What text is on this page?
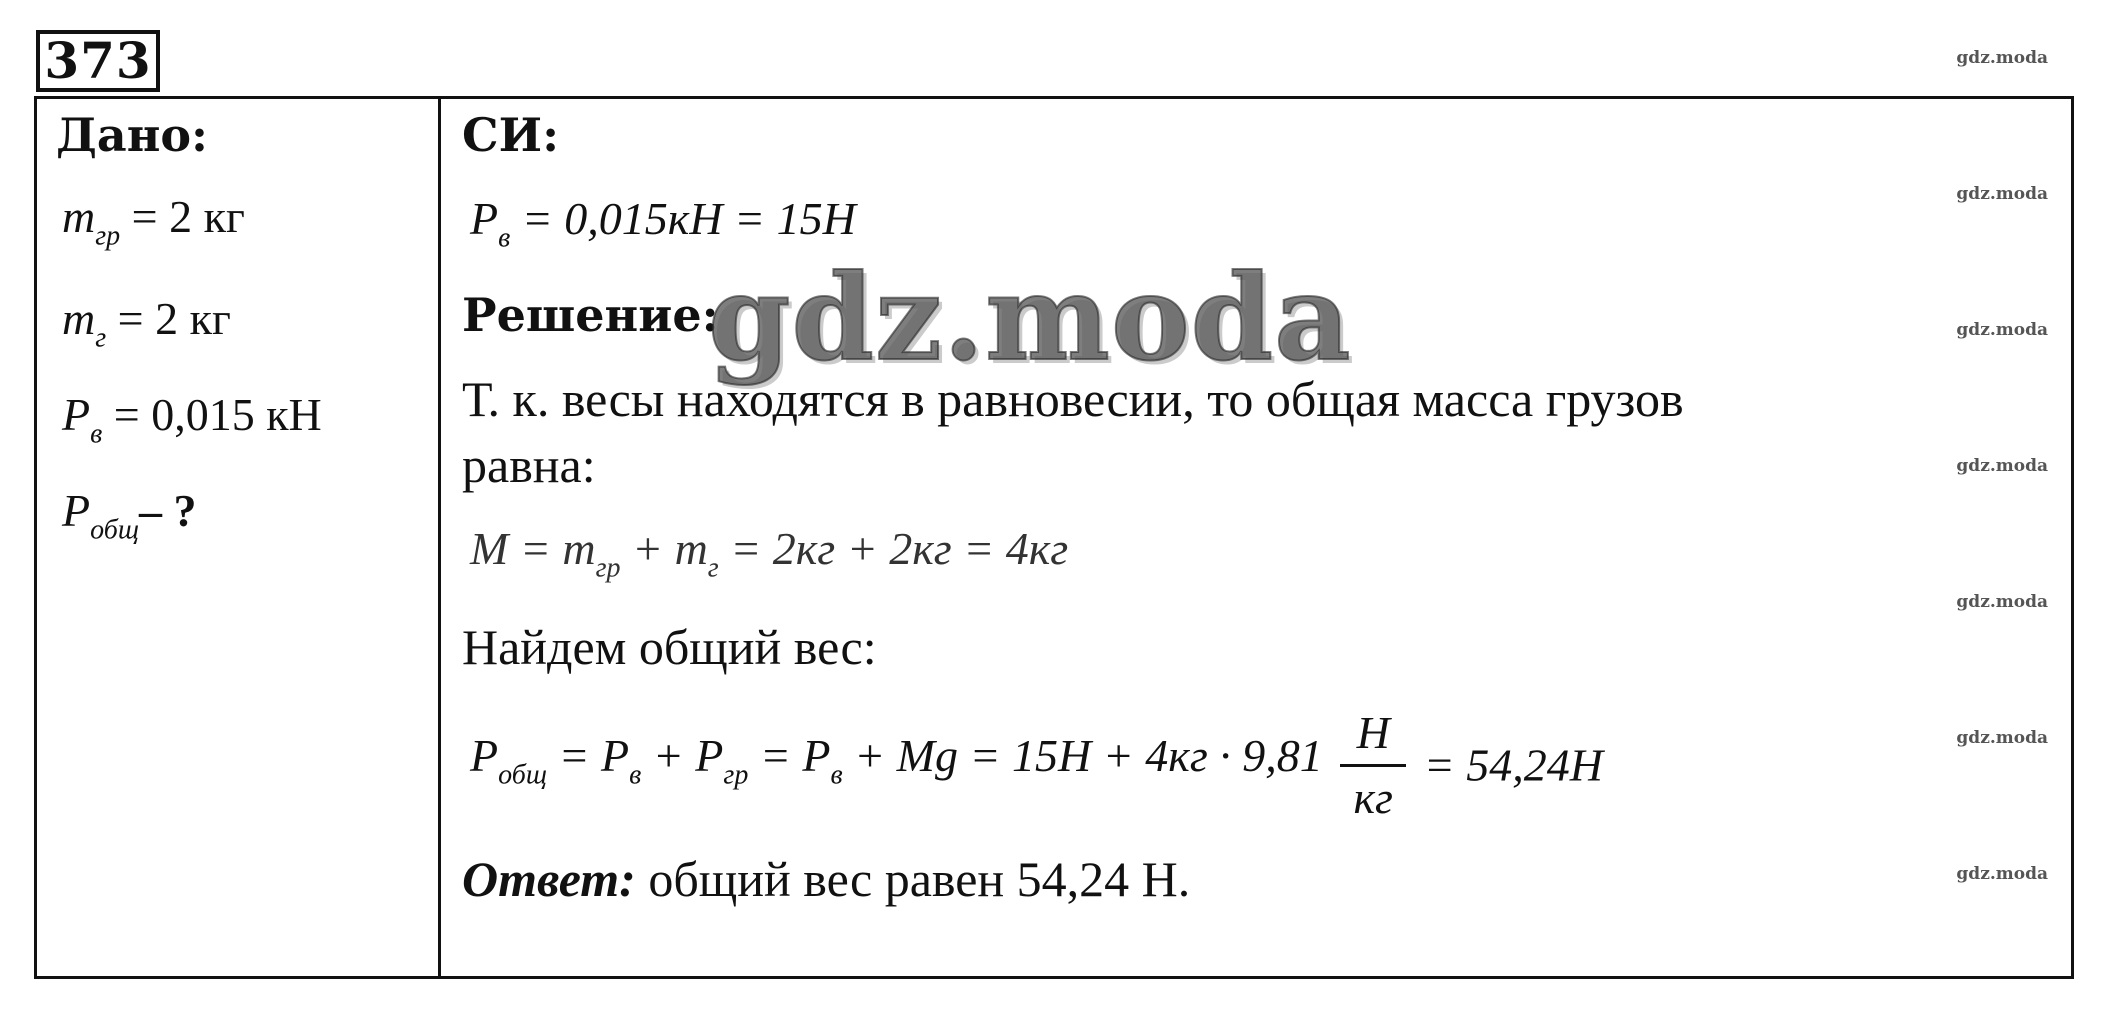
373	gdz.moda
gdz.moda
gdz.moda
gdz.moda
gdz.moda
gdz.moda
gdz.moda
Дано:
$m_{гр} = 2$ кг
$m_г = 2$ кг
$P_в = 0,015$ кН
$P_{общ}-$ ?
СИ:
$P_в = 0,015кН = 15Н$
Решение:
gdz.moda
Т. к. весы находятся в равновесии, то общая масса грузов
равна:
$M = m_{гр} + m_г = 2кг + 2кг = 4кг$
Найдем общий вес:
$P_{общ} = P_в + P_{гр} = P_в + Mg = 15Н + 4кг \cdot 9,81 \frac{Н}{кг} = 54,24Н$
Ответ: общий вес равен 54,24 Н.
